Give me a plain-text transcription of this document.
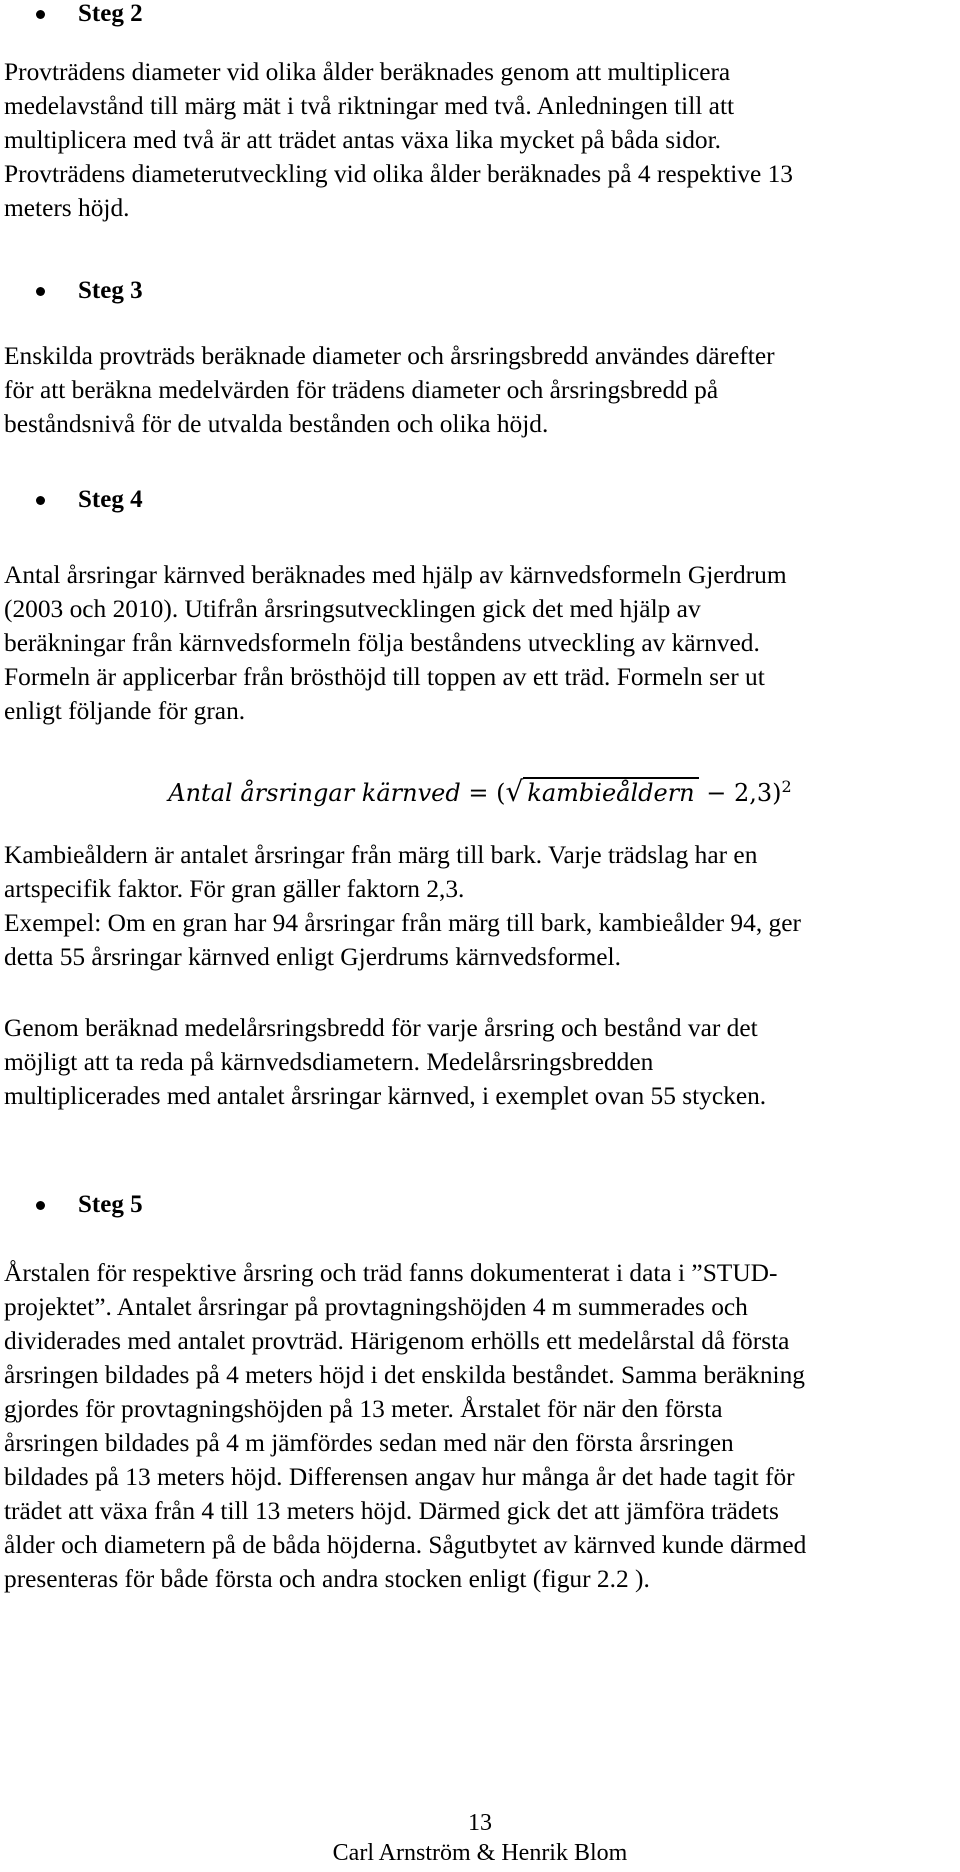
Steg 2
Provträdens diameter vid olika ålder beräknades genom att multiplicera
medelavstånd till märg mät i två riktningar med två. Anledningen till att
multiplicera med två är att trädet antas växa lika mycket på båda sidor.
Provträdens diameterutveckling vid olika ålder beräknades på 4 respektive 13
meters höjd.
Steg 3
Enskilda provträds beräknade diameter och årsringsbredd användes därefter
för att beräkna medelvärden för trädens diameter och årsringsbredd på
beståndsnivå för de utvalda bestånden och olika höjd.
Steg 4
Antal årsringar kärnved beräknades med hjälp av kärnvedsformeln Gjerdrum
(2003 och 2010). Utifrån årsringsutvecklingen gick det med hjälp av
beräkningar från kärnvedsformeln följa beståndens utveckling av kärnved.
Formeln är applicerbar från brösthöjd till toppen av ett träd. Formeln ser ut
enligt följande för gran.
Antal årsringar kärnved = (√ kambieåldern − 2,3)$^2$
Kambieåldern är antalet årsringar från märg till bark. Varje trädslag har en
artspecifik faktor. För gran gäller faktorn 2,3.
Exempel: Om en gran har 94 årsringar från märg till bark, kambieålder 94, ger
detta 55 årsringar kärnved enligt Gjerdrums kärnvedsformel.
Genom beräknad medelårsringsbredd för varje årsring och bestånd var det
möjligt att ta reda på kärnvedsdiametern. Medelårsringsbredden
multiplicerades med antalet årsringar kärnved, i exemplet ovan 55 stycken.
Steg 5
Årstalen för respektive årsring och träd fanns dokumenterat i data i ”STUD-
projektet”. Antalet årsringar på provtagningshöjden 4 m summerades och
dividerades med antalet provträd. Härigenom erhölls ett medelårstal då första
årsringen bildades på 4 meters höjd i det enskilda beståndet. Samma beräkning
gjordes för provtagningshöjden på 13 meter. Årstalet för när den första
årsringen bildades på 4 m jämfördes sedan med när den första årsringen
bildades på 13 meters höjd. Differensen angav hur många år det hade tagit för
trädet att växa från 4 till 13 meters höjd. Därmed gick det att jämföra trädets
ålder och diametern på de båda höjderna. Sågutbytet av kärnved kunde därmed
presenteras för både första och andra stocken enligt (figur 2.2 ).
13
Carl Arnström & Henrik Blom
